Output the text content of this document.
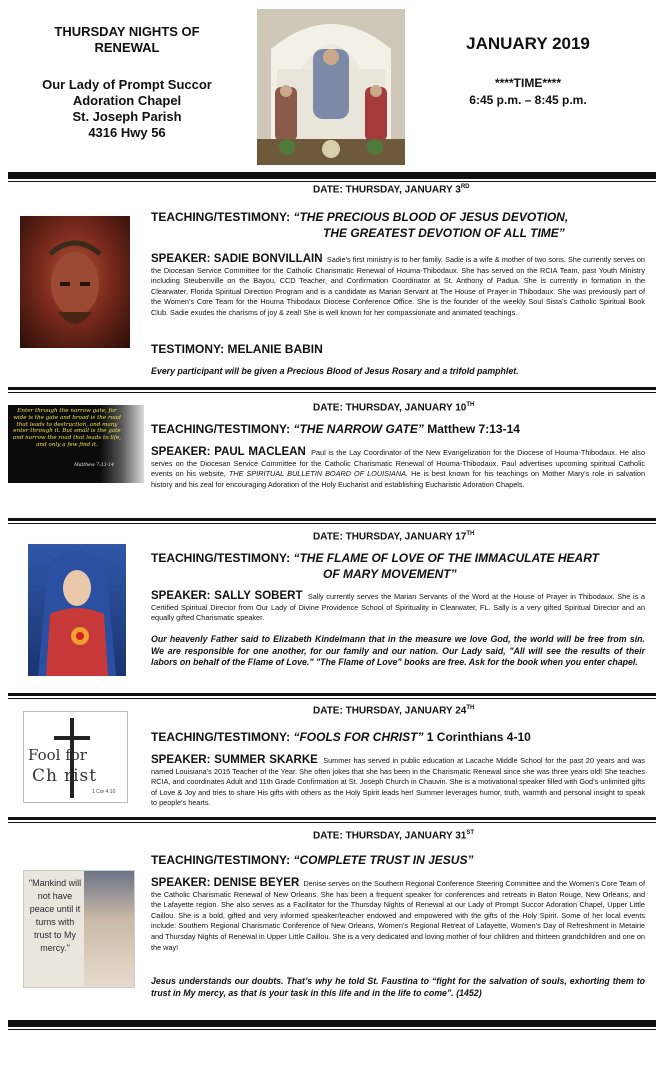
THURSDAY NIGHTS OF RENEWAL
Our Lady of Prompt Succor
Adoration Chapel
St. Joseph Parish
4316 Hwy 56
JANUARY 2019
****TIME****
6:45 p.m. – 8:45 p.m.
DATE: THURSDAY, JANUARY 3RD
TEACHING/TESTIMONY: “THE PRECIOUS BLOOD OF JESUS DEVOTION,
THE GREATEST DEVOTION OF ALL TIME”
SPEAKER: SADIE BONVILLAIN Sadie’s first ministry is to her family. Sadie is a wife & mother of two sons. She currently serves on the Diocesan Service Committee for the Catholic Charismatic Renewal of Houma-Thibodaux. She has served on the RCIA Team, past Youth Ministry including Steubenville on the Bayou, CCD Teacher, and Confirmation Coordinator at St. Anthony of Padua. She is currently in formation in the Clearwater, Florida Spiritual Direction Program and is a candidate as Marian Servant at The House of Prayer in Thibodaux. She was previously part of the Women’s Core Team for the Houma Thibodaux Diocese Conference Office. She is the founder of the weekly Soul Sista’s Catholic Spiritual Book Club. Sadie exudes the charisms of joy & zeal! She is well known for her compassionate and animated teachings.
TESTIMONY: MELANIE BABIN
Every participant will be given a Precious Blood of Jesus Rosary and a trifold pamphlet.
DATE: THURSDAY, JANUARY 10TH
Enter through the narrow gate, for wide is the gate and broad is the road that leads to destruction, and many enter through it. But small is the gate and narrow the road that leads to life, and only a few find it.
Matthew 7:13-14
TEACHING/TESTIMONY: “THE NARROW GATE” Matthew 7:13-14
SPEAKER: PAUL MACLEAN Paul is the Lay Coordinator of the New Evangelization for the Diocese of Houma-Thibodaux. He also serves on the Diocesan Service Committee for the Catholic Charismatic Renewal of Houma-Thibodaux. Paul advertises upcoming spiritual Catholic events on his website, THE SPIRITUAL BULLETIN BOARD OF LOUISIANA. He is best known for his teachings on Mother Mary’s role in salvation history and his zeal for encouraging Adoration of the Holy Eucharist and establishing Eucharistic Adoration Chapels.
DATE: THURSDAY, JANUARY 17TH
TEACHING/TESTIMONY: “THE FLAME OF LOVE OF THE IMMACULATE HEART
OF MARY MOVEMENT”
SPEAKER: SALLY SOBERT Sally currently serves the Marian Servants of the Word at the House of Prayer in Thibodaux. She is a Certified Spiritual Director from Our Lady of Divine Providence School of Spirituality in Clearwater, FL. Sally is a very gifted Spiritual Director and an equally gifted Charismatic speaker.
Our heavenly Father said to Elizabeth Kindelmann that in the measure we love God, the world will be free from sin. We are responsible for one another, for our family and our nation. Our Lady said, "All will see the results of their labors on behalf of the Flame of Love." "The Flame of Love" books are free. Ask for the book when you enter chapel.
DATE: THURSDAY, JANUARY 24TH
Fool for
Ch rist
1 Cor 4:10
TEACHING/TESTIMONY: “FOOLS FOR CHRIST” 1 Corinthians 4-10
SPEAKER: SUMMER SKARKE Summer has served in public education at Lacache Middle School for the past 20 years and was named Louisiana’s 2015 Teacher of the Year. She often jokes that she has been in the Charismatic Renewal since she was three years old! She teaches RCIA, and coordinates Adult and 11th Grade Confirmation at St. Joseph Church in Chauvin. She is a motivational speaker filled with God’s unlimited gifts of Love & Joy and tries to share His gifts with others as the Holy Spirit leads her! Summer leverages humor, truth, warmth and personal insight to speak to people’s hearts.
DATE: THURSDAY, JANUARY 31ST
"Mankind will not have peace until it turns with trust to My mercy."
TEACHING/TESTIMONY: “COMPLETE TRUST IN JESUS”
SPEAKER: DENISE BEYER Denise serves on the Southern Regional Conference Steering Committee and the Women’s Core Team of the Catholic Charismatic Renewal of New Orleans. She has been a frequent speaker for conferences and retreats in Baton Rouge, New Orleans, and the Lafayette region. She also serves as a Facilitator for the Thursday Nights of Renewal at our Lady of Prompt Succor Adoration Chapel, Upper Little Caillou. She is a bold, gifted and very informed speaker/teacher endowed and empowered with the gifts of the Holy Spirit. Some of her local events include: Southern Regional Charismatic Conference of New Orleans, Women’s Regional Retreat of Lafayette, Women’s Day of Refreshment in Metairie and Thursday Nights of Renewal in Upper Little Caillou. She is a very dedicated and loving mother of four children and thirteen grandchildren and one on the way!
Jesus understands our doubts. That’s why he told St. Faustina to “fight for the salvation of souls, exhorting them to trust in My mercy, as that is your task in this life and in the life to come”. (1452)
